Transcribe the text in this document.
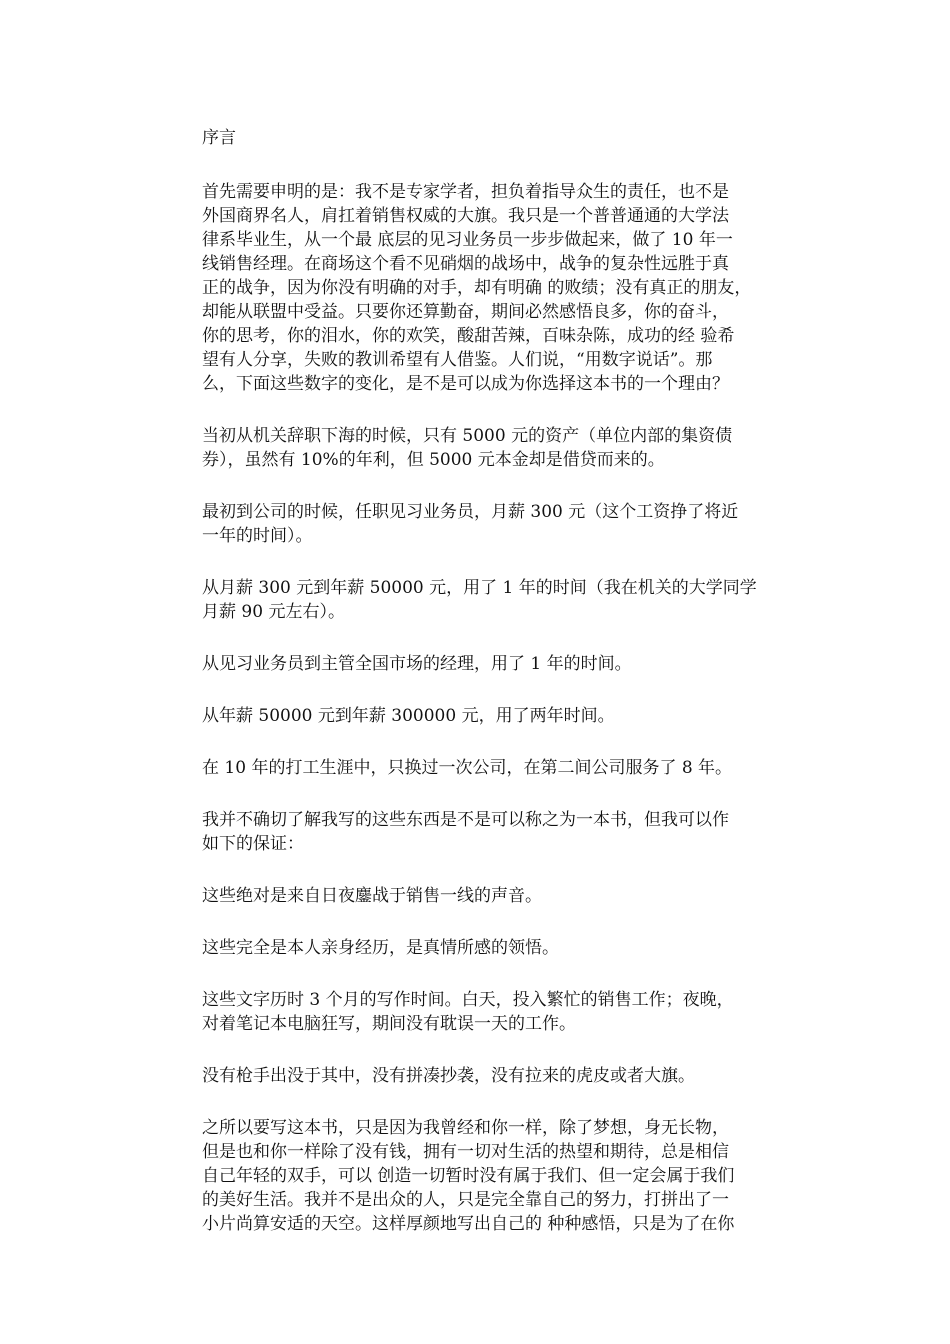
序言
首先需要申明的是：我不是专家学者，担负着指导众生的责任，也不是
外国商界名人，肩扛着销售权威的大旗。我只是一个普普通通的大学法
律系毕业生，从一个最 底层的见习业务员一步步做起来，做了 10 年一
线销售经理。在商场这个看不见硝烟的战场中，战争的复杂性远胜于真
正的战争，因为你没有明确的对手，却有明确 的败绩；没有真正的朋友，
却能从联盟中受益。只要你还算勤奋，期间必然感悟良多，你的奋斗，
你的思考，你的泪水，你的欢笑，酸甜苦辣，百味杂陈，成功的经 验希
望有人分享，失败的教训希望有人借鉴。人们说，“用数字说话”。那
么，下面这些数字的变化，是不是可以成为你选择这本书的一个理由？
当初从机关辞职下海的时候，只有 5000 元的资产（单位内部的集资债
券），虽然有 10%的年利，但 5000 元本金却是借贷而来的。
最初到公司的时候，任职见习业务员，月薪 300 元（这个工资挣了将近
一年的时间）。
从月薪 300 元到年薪 50000 元，用了 1 年的时间（我在机关的大学同学
月薪 90 元左右）。
从见习业务员到主管全国市场的经理，用了 1 年的时间。
从年薪 50000 元到年薪 300000 元，用了两年时间。
在 10 年的打工生涯中，只换过一次公司，在第二间公司服务了 8 年。
我并不确切了解我写的这些东西是不是可以称之为一本书，但我可以作
如下的保证：
这些绝对是来自日夜鏖战于销售一线的声音。
这些完全是本人亲身经历，是真情所感的领悟。
这些文字历时 3 个月的写作时间。白天，投入繁忙的销售工作；夜晚，
对着笔记本电脑狂写，期间没有耽误一天的工作。
没有枪手出没于其中，没有拼凑抄袭，没有拉来的虎皮或者大旗。
之所以要写这本书，只是因为我曾经和你一样，除了梦想，身无长物，
但是也和你一样除了没有钱，拥有一切对生活的热望和期待，总是相信
自己年轻的双手，可以 创造一切暂时没有属于我们、但一定会属于我们
的美好生活。我并不是出众的人，只是完全靠自己的努力，打拼出了一
小片尚算安适的天空。这样厚颜地写出自己的 种种感悟，只是为了在你
